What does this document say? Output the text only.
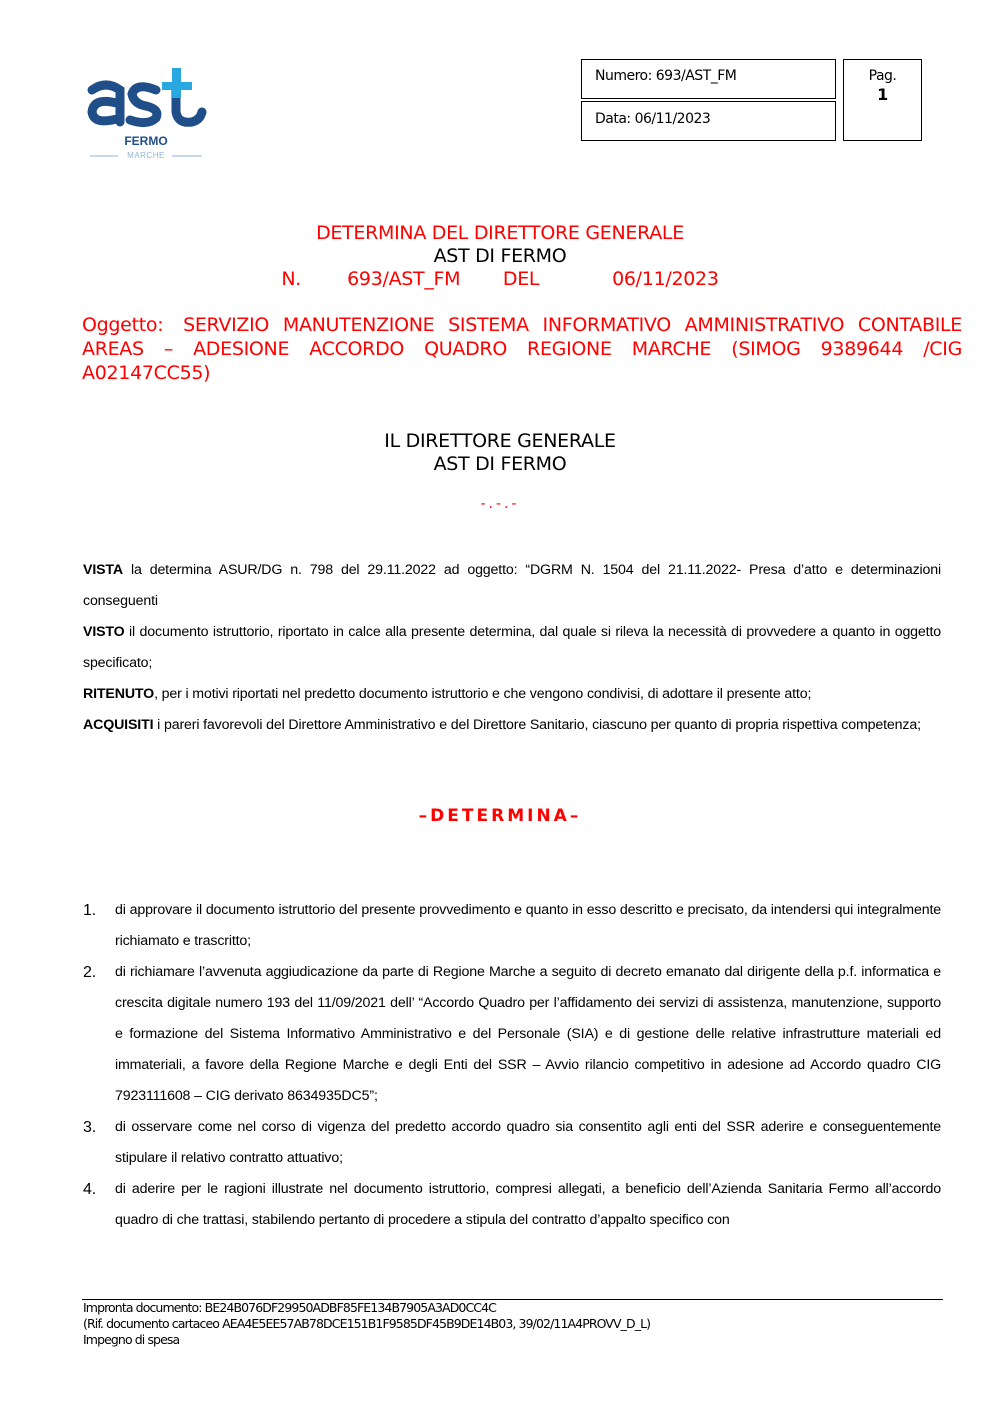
FERMO
MARCHE
Numero: 693/AST_FM
Data: 06/11/2023
Pag.
1
DETERMINA DEL DIRETTORE GENERALE
AST DI FERMO
N. 693/AST_FM DEL	06/11/2023
Oggetto: SERVIZIO MANUTENZIONE SISTEMA INFORMATIVO AMMINISTRATIVO CONTABILE AREAS – ADESIONE ACCORDO QUADRO REGIONE MARCHE (SIMOG 9389644 /CIG A02147CC55)
IL DIRETTORE GENERALE
AST DI FERMO
-.-.-

VISTA la determina ASUR/DG n. 798 del 29.11.2022 ad oggetto: “DGRM N. 1504 del 21.11.2022- Presa d’atto e determinazioni conseguenti

VISTO il documento istruttorio, riportato in calce alla presente determina, dal quale si rileva la necessità di provvedere a quanto in oggetto specificato;

RITENUTO, per i motivi riportati nel predetto documento istruttorio e che vengono condivisi, di adottare il presente atto;

ACQUISITI i pareri favorevoli del Direttore Amministrativo e del Direttore Sanitario, ciascuno per quanto di propria rispettiva competenza;

–DETERMINA–
1. di approvare il documento istruttorio del presente provvedimento e quanto in esso descritto e precisato, da intendersi qui integralmente richiamato e trascritto;
2. di richiamare l’avvenuta aggiudicazione da parte di Regione Marche a seguito di decreto emanato dal dirigente della p.f. informatica e crescita digitale numero 193 del 11/09/2021 dell’ “Accordo Quadro per l’affidamento dei servizi di assistenza, manutenzione, supporto e formazione del Sistema Informativo Amministrativo e del Personale (SIA) e di gestione delle relative infrastrutture materiali ed immateriali, a favore della Regione Marche e degli Enti del SSR – Avvio rilancio competitivo in adesione ad Accordo quadro CIG 7923111608 – CIG derivato 8634935DC5”;
3. di osservare come nel corso di vigenza del predetto accordo quadro sia consentito agli enti del SSR aderire e conseguentemente stipulare il relativo contratto attuativo;
4. di aderire per le ragioni illustrate nel documento istruttorio, compresi allegati, a beneficio dell’Azienda Sanitaria Fermo all’accordo quadro di che trattasi, stabilendo pertanto di procedere a stipula del contratto d’appalto specifico con
Impronta documento: BE24B076DF29950ADBF85FE134B7905A3AD0CC4C
(Rif. documento cartaceo AEA4E5EE57AB78DCE151B1F9585DF45B9DE14B03, 39/02/11A4PROVV_D_L)
Impegno di spesa
